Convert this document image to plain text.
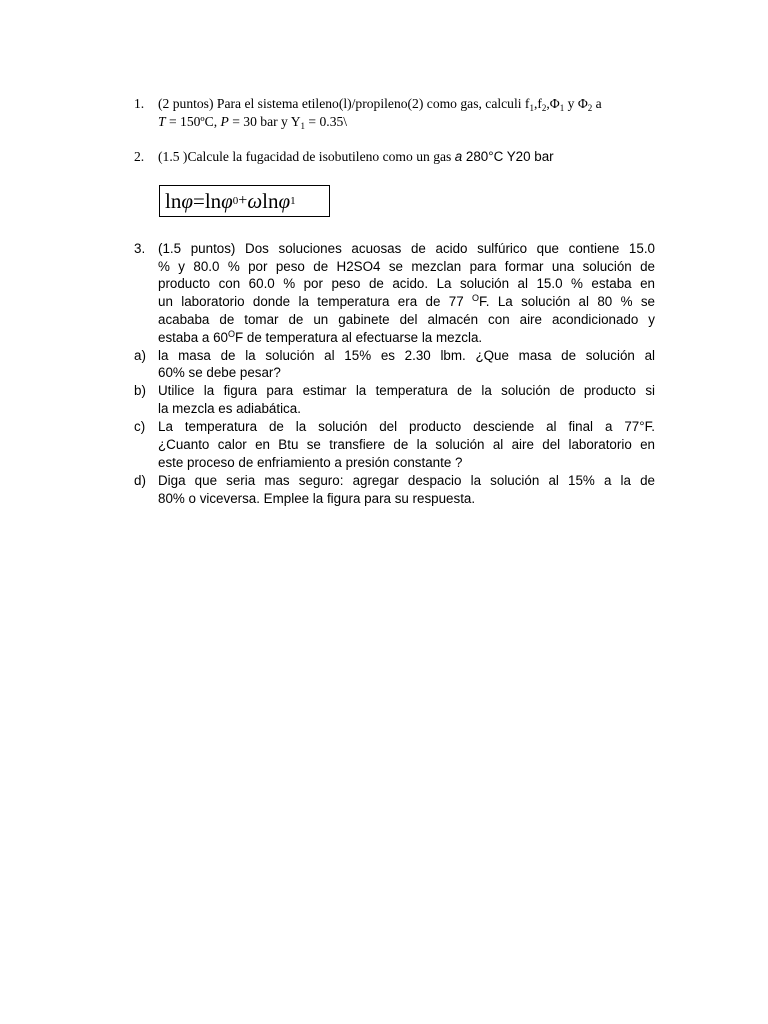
1. (2 puntos) Para el sistema etileno(l)/propileno(2) como gas, calculi $f_1,f_2,\Phi_1$ y $\Phi_2$ a
T = 150ºC, P = 30 bar y $Y_1$ = 0.35\
2. (1.5 )Calcule la fugacidad de isobutileno como un gas a 280°C Y20 bar
ln φ = ln φ 0 + ω ln φ 1
3. (1.5 puntos) Dos soluciones acuosas de acido sulfúrico que contiene 15.0
% y 80.0 % por peso de H2SO4 se mezclan para formar una solución de
producto con 60.0 % por peso de acido. La solución al 15.0 % estaba en
un laboratorio donde la temperatura era de 77 $^O$F. La solución al 80 % se
acababa de tomar de un gabinete del almacén con aire acondicionado y
estaba a $60^OF$ de temperatura al efectuarse la mezcla.
a) la masa de la solución al 15% es 2.30 lbm. ¿Que masa de solución al
60% se debe pesar?
b) Utilice la figura para estimar la temperatura de la solución de producto si
la mezcla es adiabática.
c) La temperatura de la solución del producto desciende al final a 77°F.
¿Cuanto calor en Btu se transfiere de la solución al aire del laboratorio en
este proceso de enfriamiento a presión constante ?
d) Diga que seria mas seguro: agregar despacio la solución al 15% a la de
80% o viceversa. Emplee la figura para su respuesta.
